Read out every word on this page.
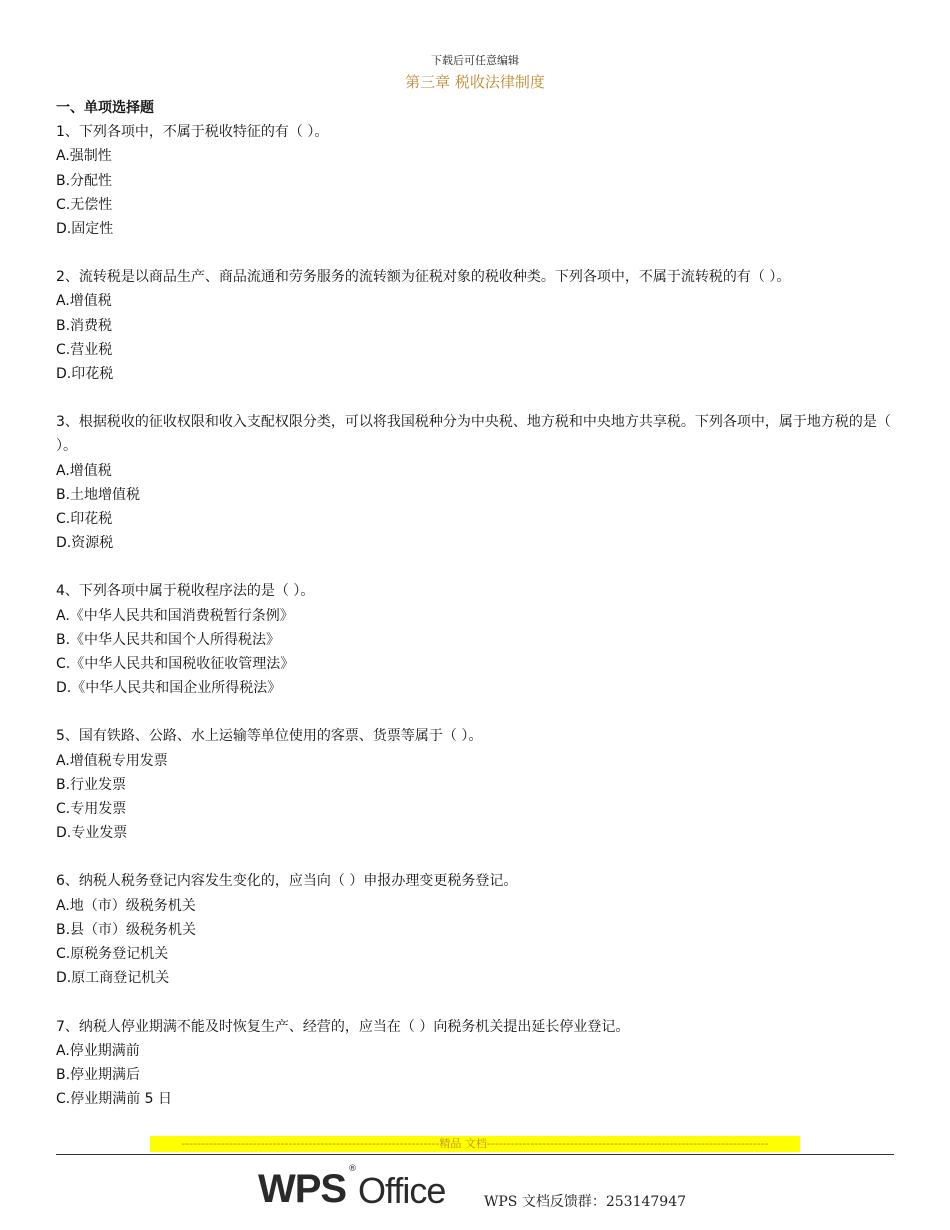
下载后可任意编辑
第三章 税收法律制度
一、单项选择题
1、下列各项中，不属于税收特征的有（ ）。
A.强制性
B.分配性
C.无偿性
D.固定性
2、流转税是以商品生产、商品流通和劳务服务的流转额为征税对象的税收种类。下列各项中，不属于流转税的有（ ）。
A.增值税
B.消费税
C.营业税
D.印花税
3、根据税收的征收权限和收入支配权限分类，可以将我国税种分为中央税、地方税和中央地方共享税。下列各项中，属于地方税的是（ ）。
A.增值税
B.土地增值税
C.印花税
D.资源税
4、下列各项中属于税收程序法的是（ ）。
A.《中华人民共和国消费税暂行条例》
B.《中华人民共和国个人所得税法》
C.《中华人民共和国税收征收管理法》
D.《中华人民共和国企业所得税法》
5、国有铁路、公路、水上运输等单位使用的客票、货票等属于（ ）。
A.增值税专用发票
B.行业发票
C.专用发票
D.专业发票
6、纳税人税务登记内容发生变化的，应当向（ ）申报办理变更税务登记。
A.地（市）级税务机关
B.县（市）级税务机关
C.原税务登记机关
D.原工商登记机关
7、纳税人停业期满不能及时恢复生产、经营的，应当在（ ）向税务机关提出延长停业登记。
A.停业期满前
B.停业期满后
C.停业期满前 5 日
-----------------------------------------------------------------精品 文档-----------------------------------------------------------------------
WPS ®
Office	WPS 文档反馈群：253147947
